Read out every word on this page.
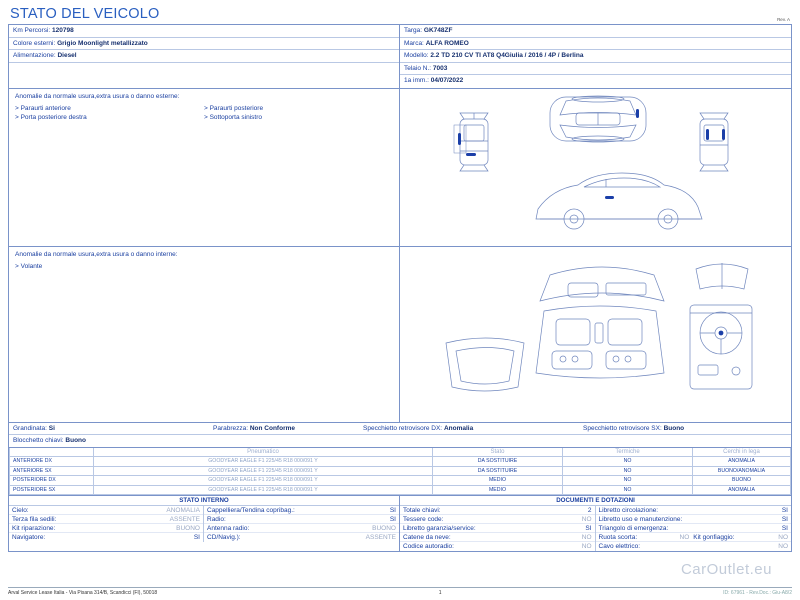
STATO DEL VEICOLO	Rev. A
Km Percorsi: 120798
Colore esterni: Grigio Moonlight metallizzato
Alimentazione: Diesel

Targa: GK748ZF
Marca: ALFA ROMEO
Modello: 2.2 TD 210 CV TI AT8 Q4Giulia / 2016 / 4P / Berlina
Telaio N.: 7003
1a imm.: 04/07/2022
Anomalie da normale usura,extra usura o danno esterne:
> Paraurti anteriore
> Porta posteriore destra
> Paraurti posteriore
> Sottoporta sinistro
Anomalie da normale usura,extra usura o danno interne:
> Volante
Grandinata: Si	Parabrezza: Non Conforme	Specchietto retrovisore DX: Anomalia	Specchietto retrovisore SX: Buono
Blocchetto chiavi: Buono
	Pneumatico	Stato	Termiche	Cerchi in lega
ANTERIORE DX	GOODYEAR EAGLE F1 225/45 R18 000/091 Y	DA SOSTITUIRE	NO	ANOMALIA
ANTERIORE SX	GOODYEAR EAGLE F1 225/45 R18 000/091 Y	DA SOSTITUIRE	NO	BUONO/ANOMALIA
POSTERIORE DX	GOODYEAR EAGLE F1 225/45 R18 000/091 Y	MEDIO	NO	BUONO
POSTERIORE SX	GOODYEAR EAGLE F1 225/45 R18 000/091 Y	MEDIO	NO	ANOMALIA
STATO INTERNO
Cielo:	ANOMALIA
Terza fila sedili:	ASSENTE
Kit riparazione:	BUONO
Navigatore:	SI
Cappelliera/Tendina copribag.:	SI
Radio:	SI
Antenna radio:	BUONO
CD/Navig.):	ASSENTE
DOCUMENTI E DOTAZIONI
Totale chiavi:	2
Tessere code:	NO
Libretto garanzia/service:	SI
Catene da neve:	NO
Codice autoradio:	NO
Libretto circolazione:	SI
Libretto uso e manutenzione:	SI
Triangolo di emergenza:	SI
Ruota scorta:	NO Kit gonfiaggio:	NO
Cavo elettrico:	NO
CarOutlet.eu
Arval Service Lease Italia - Via Pisana 314/B, Scandicci (FI), 50018	1	ID: 67961 - Rev.Doc.: Giu-A8/2
